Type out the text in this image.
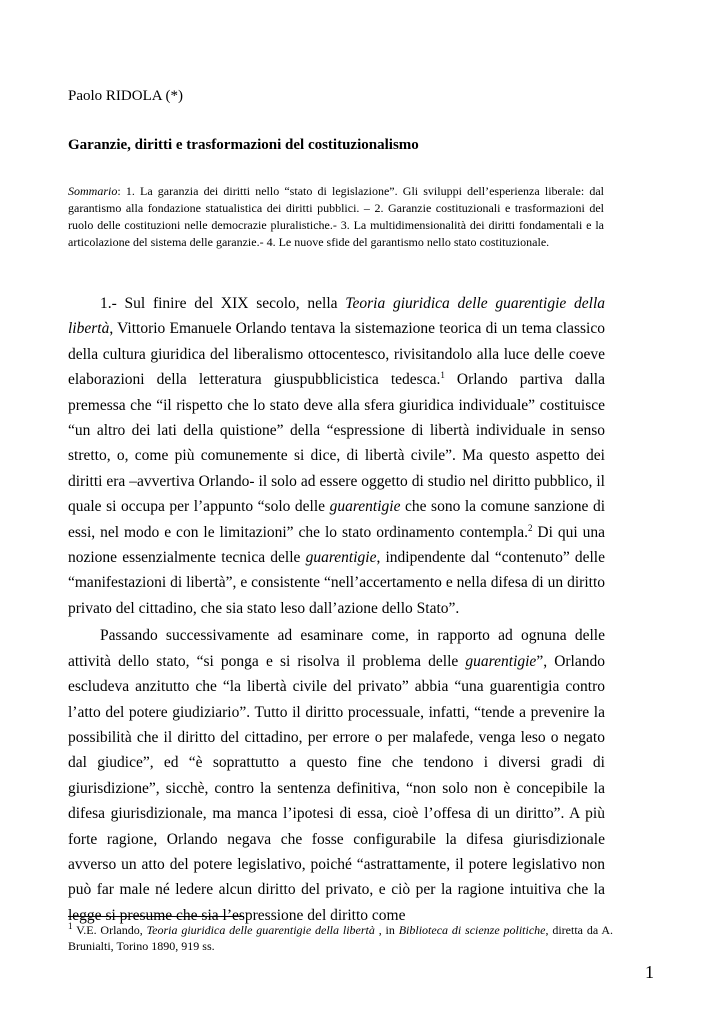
Paolo RIDOLA (*)
Garanzie, diritti e trasformazioni del costituzionalismo
Sommario: 1. La garanzia dei diritti nello “stato di legislazione”. Gli sviluppi dell’esperienza liberale: dal garantismo alla fondazione statualistica dei diritti pubblici. – 2. Garanzie costituzionali e trasformazioni del ruolo delle costituzioni nelle democrazie pluralistiche.- 3. La multidimensionalità dei diritti fondamentali e la articolazione del sistema delle garanzie.- 4. Le nuove sfide del garantismo nello stato costituzionale.

1.- Sul finire del XIX secolo, nella Teoria giuridica delle guarentigie della libertà, Vittorio Emanuele Orlando tentava la sistemazione teorica di un tema classico della cultura giuridica del liberalismo ottocentesco, rivisitandolo alla luce delle coeve elaborazioni della letteratura giuspubblicistica tedesca.$^1$ Orlando partiva dalla premessa che “il rispetto che lo stato deve alla sfera giuridica individuale” costituisce “un altro dei lati della quistione” della “espressione di libertà individuale in senso stretto, o, come più comunemente si dice, di libertà civile”. Ma questo aspetto dei diritti era –avvertiva Orlando- il solo ad essere oggetto di studio nel diritto pubblico, il quale si occupa per l’appunto “solo delle guarentigie che sono la comune sanzione di essi, nel modo e con le limitazioni” che lo stato ordinamento contempla.$^2$ Di qui una nozione essenzialmente tecnica delle guarentigie, indipendente dal “contenuto” delle “manifestazioni di libertà”, e consistente “nell’accertamento e nella difesa di un diritto privato del cittadino, che sia stato leso dall’azione dello Stato”.

Passando successivamente ad esaminare come, in rapporto ad ognuna delle attività dello stato, “si ponga e si risolva il problema delle guarentigie”, Orlando escludeva anzitutto che “la libertà civile del privato” abbia “una guarentigia contro l’atto del potere giudiziario”. Tutto il diritto processuale, infatti, “tende a prevenire la possibilità che il diritto del cittadino, per errore o per malafede, venga leso o negato dal giudice”, ed “è soprattutto a questo fine che tendono i diversi gradi di giurisdizione”, sicchè, contro la sentenza definitiva, “non solo non è concepibile la difesa giurisdizionale, ma manca l’ipotesi di essa, cioè l’offesa di un diritto”. A più forte ragione, Orlando negava che fosse configurabile la difesa giurisdizionale avverso un atto del potere legislativo, poiché “astrattamente, il potere legislativo non può far male né ledere alcun diritto del privato, e ciò per la ragione intuitiva che la legge si presume che sia l’espressione del diritto come

$^1$ V.E. Orlando, Teoria giuridica delle guarentigie della libertà , in Biblioteca di scienze politiche, diretta da A. Brunialti, Torino 1890, 919 ss.
1
